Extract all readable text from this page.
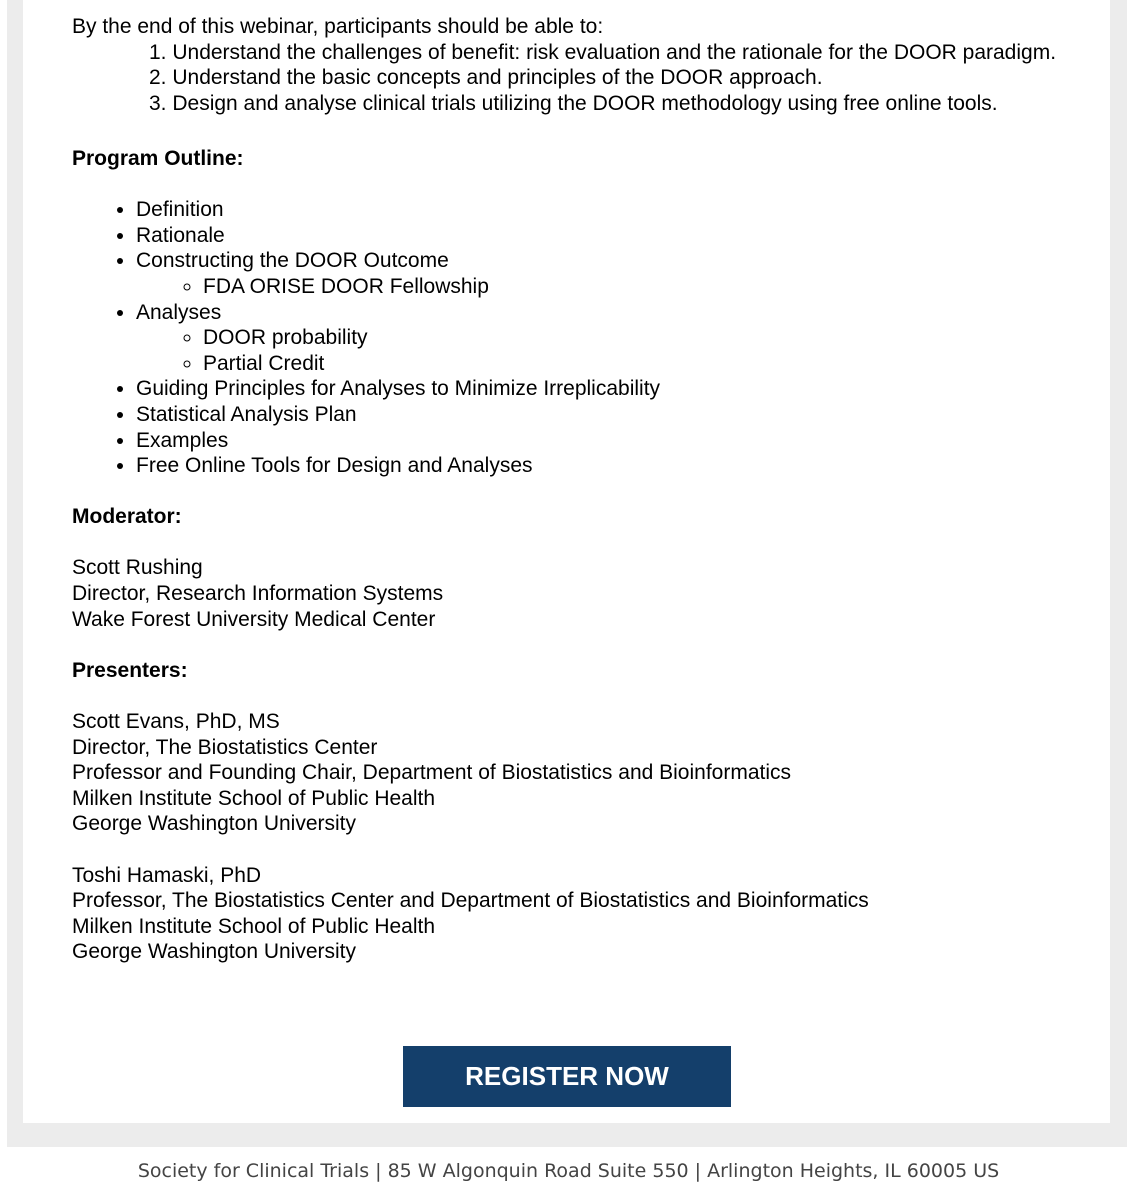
By the end of this webinar, participants should be able to:

1. Understand the challenges of benefit: risk evaluation and the rationale for the DOOR paradigm.
2. Understand the basic concepts and principles of the DOOR approach.
3. Design and analyse clinical trials utilizing the DOOR methodology using free online tools.

Program Outline:

• Definition
• Rationale
• Constructing the DOOR Outcome
◦ FDA ORISE DOOR Fellowship
• Analyses
◦ DOOR probability
◦ Partial Credit
• Guiding Principles for Analyses to Minimize Irreplicability
• Statistical Analysis Plan
• Examples
• Free Online Tools for Design and Analyses

Moderator:

Scott Rushing

Director, Research Information Systems

Wake Forest University Medical Center

Presenters:

Scott Evans, PhD, MS

Director, The Biostatistics Center

Professor and Founding Chair, Department of Biostatistics and Bioinformatics

Milken Institute School of Public Health

George Washington University

Toshi Hamaski, PhD

Professor, The Biostatistics Center and Department of Biostatistics and Bioinformatics

Milken Institute School of Public Health

George Washington University

REGISTER NOW
Society for Clinical Trials | 85 W Algonquin Road Suite 550 | Arlington Heights, IL 60005 US
